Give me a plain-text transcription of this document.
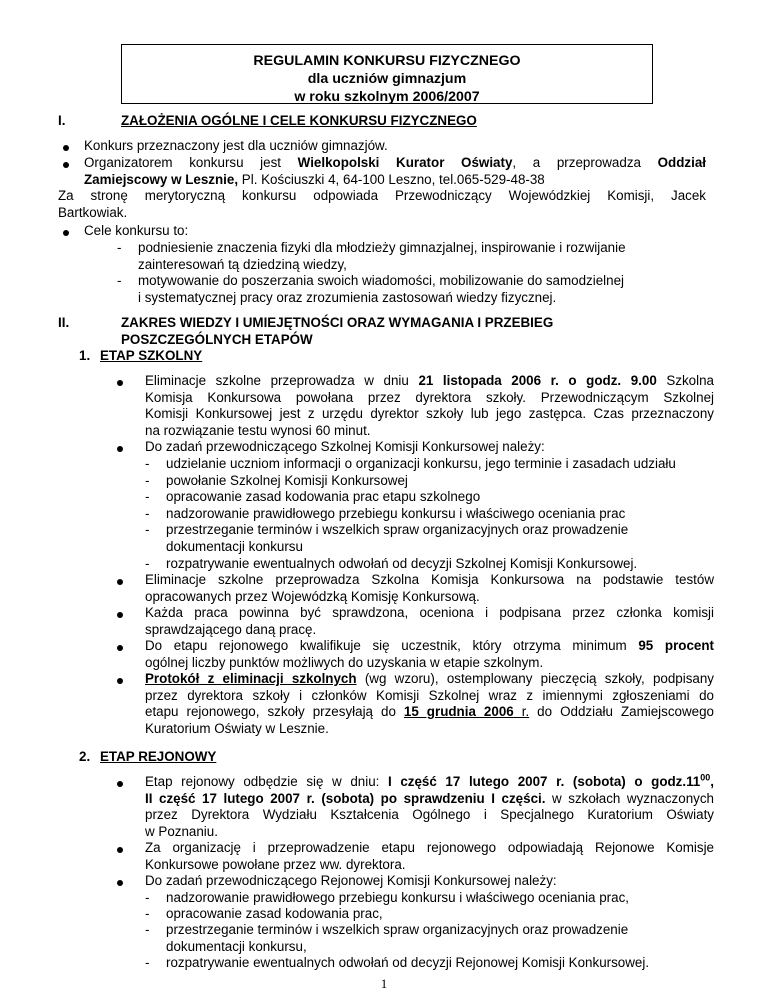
REGULAMIN KONKURSU FIZYCZNEGO
dla uczniów gimnazjum
w roku szkolnym 2006/2007
I.	ZAŁOŻENIA OGÓLNE I CELE KONKURSU FIZYCZNEGO
Konkurs przeznaczony jest dla uczniów gimnazjów.
Organizatorem konkursu jest Wielkopolski Kurator Oświaty, a przeprowadza Oddział
Zamiejscowy w Lesznie, Pl. Kościuszki 4, 64-100 Leszno, tel.065-529-48-38
Za stronę merytoryczną konkursu odpowiada Przewodniczący Wojewódzkiej Komisji, Jacek
Bartkowiak.
Cele konkursu to:
- podniesienie znaczenia fizyki dla młodzieży gimnazjalnej, inspirowanie i rozwijanie
zainteresowań tą dziedziną wiedzy,
- motywowanie do poszerzania swoich wiadomości, mobilizowanie do samodzielnej
i systematycznej pracy oraz zrozumienia zastosowań wiedzy fizycznej.
II.	ZAKRES WIEDZY I UMIEJĘTNOŚCI ORAZ WYMAGANIA I PRZEBIEG
POSZCZEGÓLNYCH ETAPÓW
1. ETAP SZKOLNY
Eliminacje szkolne przeprowadza w dniu 21 listopada 2006 r. o godz. 9.00 Szkolna
Komisja Konkursowa powołana przez dyrektora szkoły. Przewodniczącym Szkolnej
Komisji Konkursowej jest z urzędu dyrektor szkoły lub jego zastępca. Czas przeznaczony
na rozwiązanie testu wynosi 60 minut.
Do zadań przewodniczącego Szkolnej Komisji Konkursowej należy:
- udzielanie uczniom informacji o organizacji konkursu, jego terminie i zasadach udziału
- powołanie Szkolnej Komisji Konkursowej
- opracowanie zasad kodowania prac etapu szkolnego
- nadzorowanie prawidłowego przebiegu konkursu i właściwego oceniania prac
- przestrzeganie terminów i wszelkich spraw organizacyjnych oraz prowadzenie
dokumentacji konkursu
- rozpatrywanie ewentualnych odwołań od decyzji Szkolnej Komisji Konkursowej.
Eliminacje szkolne przeprowadza Szkolna Komisja Konkursowa na podstawie testów
opracowanych przez Wojewódzką Komisję Konkursową.
Każda praca powinna być sprawdzona, oceniona i podpisana przez członka komisji
sprawdzającego daną pracę.
Do etapu rejonowego kwalifikuje się uczestnik, który otrzyma minimum 95 procent
ogólnej liczby punktów możliwych do uzyskania w etapie szkolnym.
Protokół z eliminacji szkolnych (wg wzoru), ostemplowany pieczęcią szkoły, podpisany
przez dyrektora szkoły i członków Komisji Szkolnej wraz z imiennymi zgłoszeniami do
etapu rejonowego, szkoły przesyłają do 15 grudnia 2006 r. do Oddziału Zamiejscowego
Kuratorium Oświaty w Lesznie.
2. ETAP REJONOWY
Etap rejonowy odbędzie się w dniu: I część 17 lutego 2007 r. (sobota) o $godz.11^{00}$,
II część 17 lutego 2007 r. (sobota) po sprawdzeniu I części. w szkołach wyznaczonych
przez Dyrektora Wydziału Kształcenia Ogólnego i Specjalnego Kuratorium Oświaty
w Poznaniu.
Za organizację i przeprowadzenie etapu rejonowego odpowiadają Rejonowe Komisje
Konkursowe powołane przez ww. dyrektora.
Do zadań przewodniczącego Rejonowej Komisji Konkursowej należy:
- nadzorowanie prawidłowego przebiegu konkursu i właściwego oceniania prac,
- opracowanie zasad kodowania prac,
- przestrzeganie terminów i wszelkich spraw organizacyjnych oraz prowadzenie
dokumentacji konkursu,
- rozpatrywanie ewentualnych odwołań od decyzji Rejonowej Komisji Konkursowej.
1
